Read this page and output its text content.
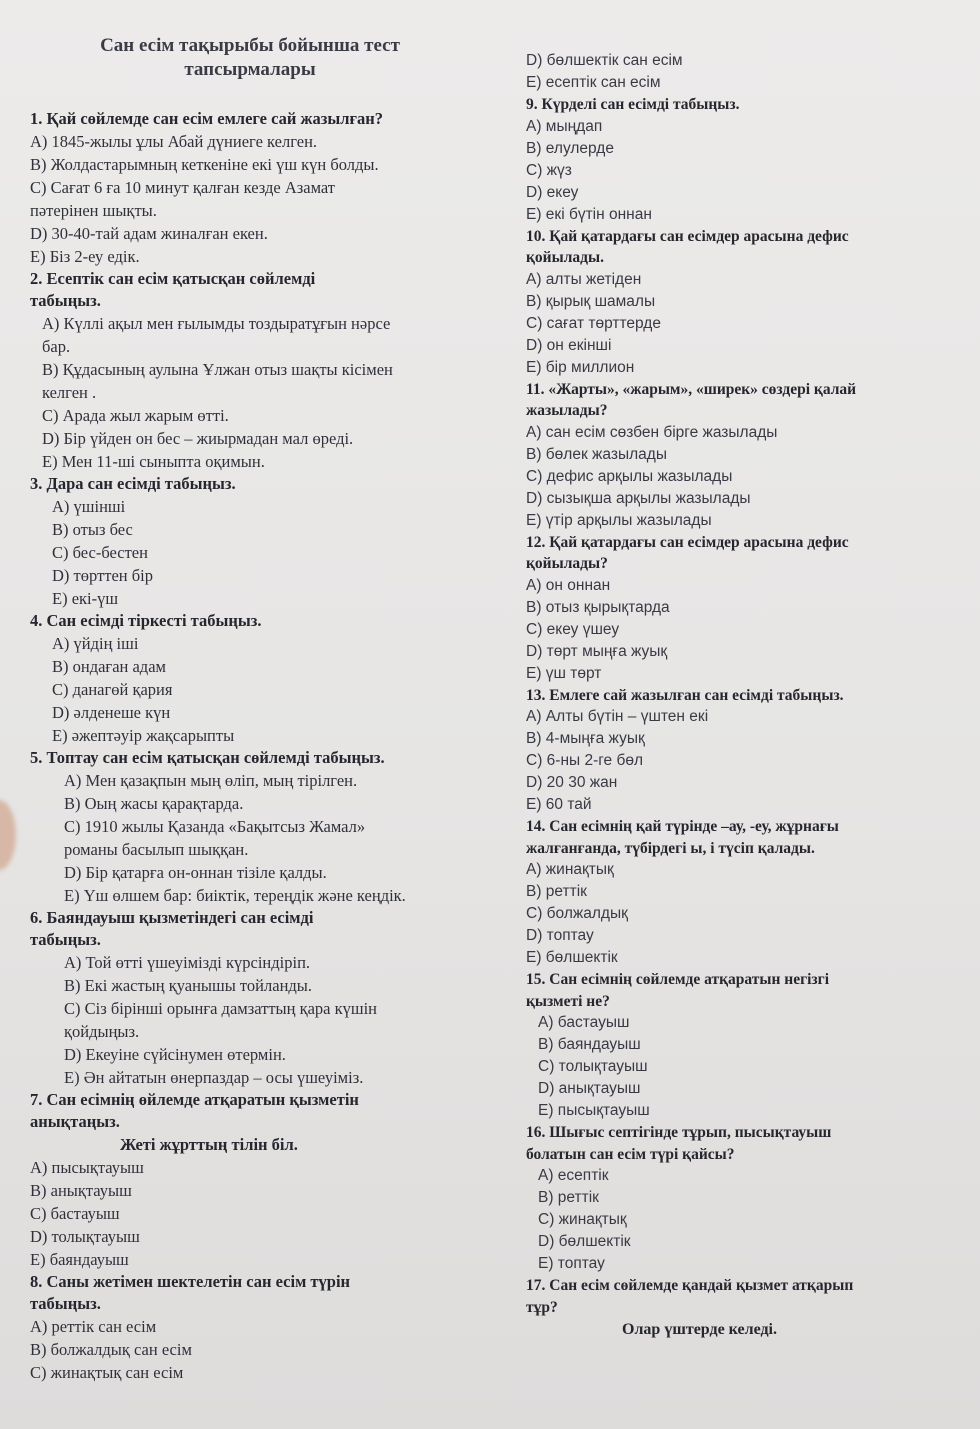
Сан есім тақырыбы бойынша тест
тапсырмалары
1. Қай сөйлемде сан есім емлеге сай жазылған?
A) 1845-жылы ұлы Абай дүниеге келген.
B) Жолдастарымның кеткеніне екі үш күн болды.
C) Сағат 6 ға 10 минут қалған кезде Азамат
пәтерінен шықты.
D) 30-40-тай адам жиналған екен.
E) Біз 2-еу едік.
2. Есептік сан есім қатысқан сөйлемді
табыңыз.
A) Күллі ақыл мен ғылымды тоздыратұғын нәрсе
бар.
B) Құдасының аулына Ұлжан отыз шақты кісімен
келген .
C) Арада жыл жарым өтті.
D) Бір үйден он бес – жиырмадан мал өреді.
E) Мен 11-ші сыныпта оқимын.
3. Дара сан есімді табыңыз.
A) үшінші
B) отыз бес
C) бес-бестен
D) төрттен бір
E) екі-үш
4. Сан есімді тіркесті табыңыз.
A) үйдің іші
B) ондаған адам
C) данагөй қария
D) әлденеше күн
E) әжептәуір жақсарыпты
5. Топтау сан есім қатысқан сөйлемді табыңыз.
A) Мен қазақпын мың өліп, мың тірілген.
B) Оың жасы қарақтарда.
C) 1910 жылы Қазанда «Бақытсыз Жамал»
романы басылып шыққан.
D) Бір қатарға он-оннан тізіле қалды.
E) Үш өлшем бар: биіктік, тереңдік және кеңдік.
6. Баяндауыш қызметіндегі сан есімді
табыңыз.
A) Той өтті үшеуімізді күрсіндіріп.
B) Екі жастың қуанышы тойланды.
C) Сіз бірінші орынға дамзаттың қара күшін
қойдыңыз.
D) Екеуіне сүйсінумен өтермін.
E) Ән айтатын өнерпаздар – осы үшеуіміз.
7. Сан есімнің өйлемде атқаратын қызметін
анықтаңыз.
Жеті жұрттың тілін біл.
A) пысықтауыш
B) анықтауыш
C) бастауыш
D) толықтауыш
E) баяндауыш
8. Саны жетімен шектелетін сан есім түрін
табыңыз.
A) реттік сан есім
B) болжалдық сан есім
C) жинақтық сан есім
D) бөлшектік сан есім
E) есептік сан есім
9. Күрделі сан есімді табыңыз.
A) мыңдап
B) елулерде
C) жүз
D) екеу
E) екі бүтін оннан
10. Қай қатардағы сан есімдер арасына дефис
қойылады.
A) алты жетіден
B) қырық шамалы
C) сағат төрттерде
D) он екінші
E) бір миллион
11. «Жарты», «жарым», «ширек» сөздері қалай
жазылады?
A) сан есім сөзбен бірге жазылады
B) бөлек жазылады
C) дефис арқылы жазылады
D) сызықша арқылы жазылады
E) үтір арқылы жазылады
12. Қай қатардағы сан есімдер арасына дефис
қойылады?
A) он оннан
B) отыз қырықтарда
C) екеу үшеу
D) төрт мыңға жуық
E) үш төрт
13. Емлеге сай жазылған сан есімді табыңыз.
A) Алты бүтін – үштен екі
B) 4-мыңға жуық
C) 6-ны 2-ге бөл
D) 20 30 жан
E) 60 тай
14. Сан есімнің қай түрінде –ау, -еу, жұрнағы
жалғанғанда, түбірдегі ы, і түсіп қалады.
A) жинақтық
B) реттік
C) болжалдық
D) топтау
E) бөлшектік
15. Сан есімнің сөйлемде атқаратын негізгі
қызметі не?
A) бастауыш
B) баяндауыш
C) толықтауыш
D) анықтауыш
E) пысықтауыш
16. Шығыс септігінде тұрып, пысықтауыш
болатын сан есім түрі қайсы?
A) есептік
B) реттік
C) жинақтық
D) бөлшектік
E) топтау
17. Сан есім сөйлемде қандай қызмет атқарып
тұр?
Олар үштерде келеді.
